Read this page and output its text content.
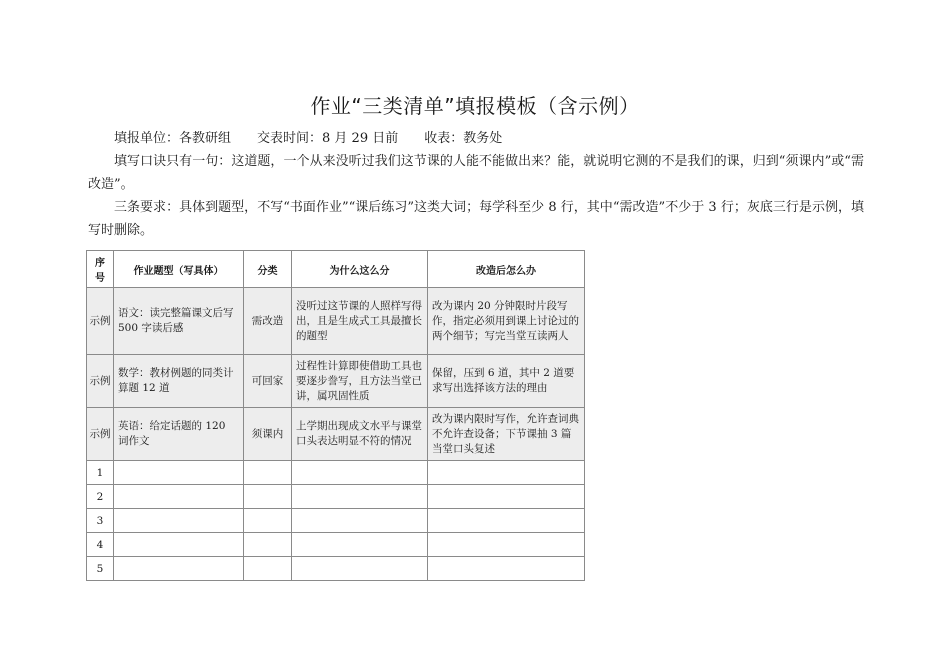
作业“三类清单”填报模板（含示例）
填报单位：各教研组 交表时间：8 月 29 日前 收表：教务处
填写口诀只有一句：这道题，一个从来没听过我们这节课的人能不能做出来？能，就说明它测的不是我们的课，归到“须课内”或“需改造”。
三条要求：具体到题型，不写“书面作业”“课后练习”这类大词；每学科至少 8 行，其中“需改造”不少于 3 行；灰底三行是示例，填写时删除。
序号	作业题型（写具体）	分类	为什么这么分	改造后怎么办
示例	语文：读完整篇课文后写 500 字读后感	需改造	没听过这节课的人照样写得出，且是生成式工具最擅长的题型	改为课内 20 分钟限时片段写作，指定必须用到课上讨论过的两个细节；写完当堂互读两人
示例	数学：教材例题的同类计算题 12 道	可回家	过程性计算即使借助工具也要逐步誊写，且方法当堂已讲，属巩固性质	保留，压到 6 道，其中 2 道要求写出选择该方法的理由
示例	英语：给定话题的 120 词作文	须课内	上学期出现成文水平与课堂口头表达明显不符的情况	改为课内限时写作，允许查词典不允许查设备；下节课抽 3 篇当堂口头复述
1				
2				
3				
4				
5				
